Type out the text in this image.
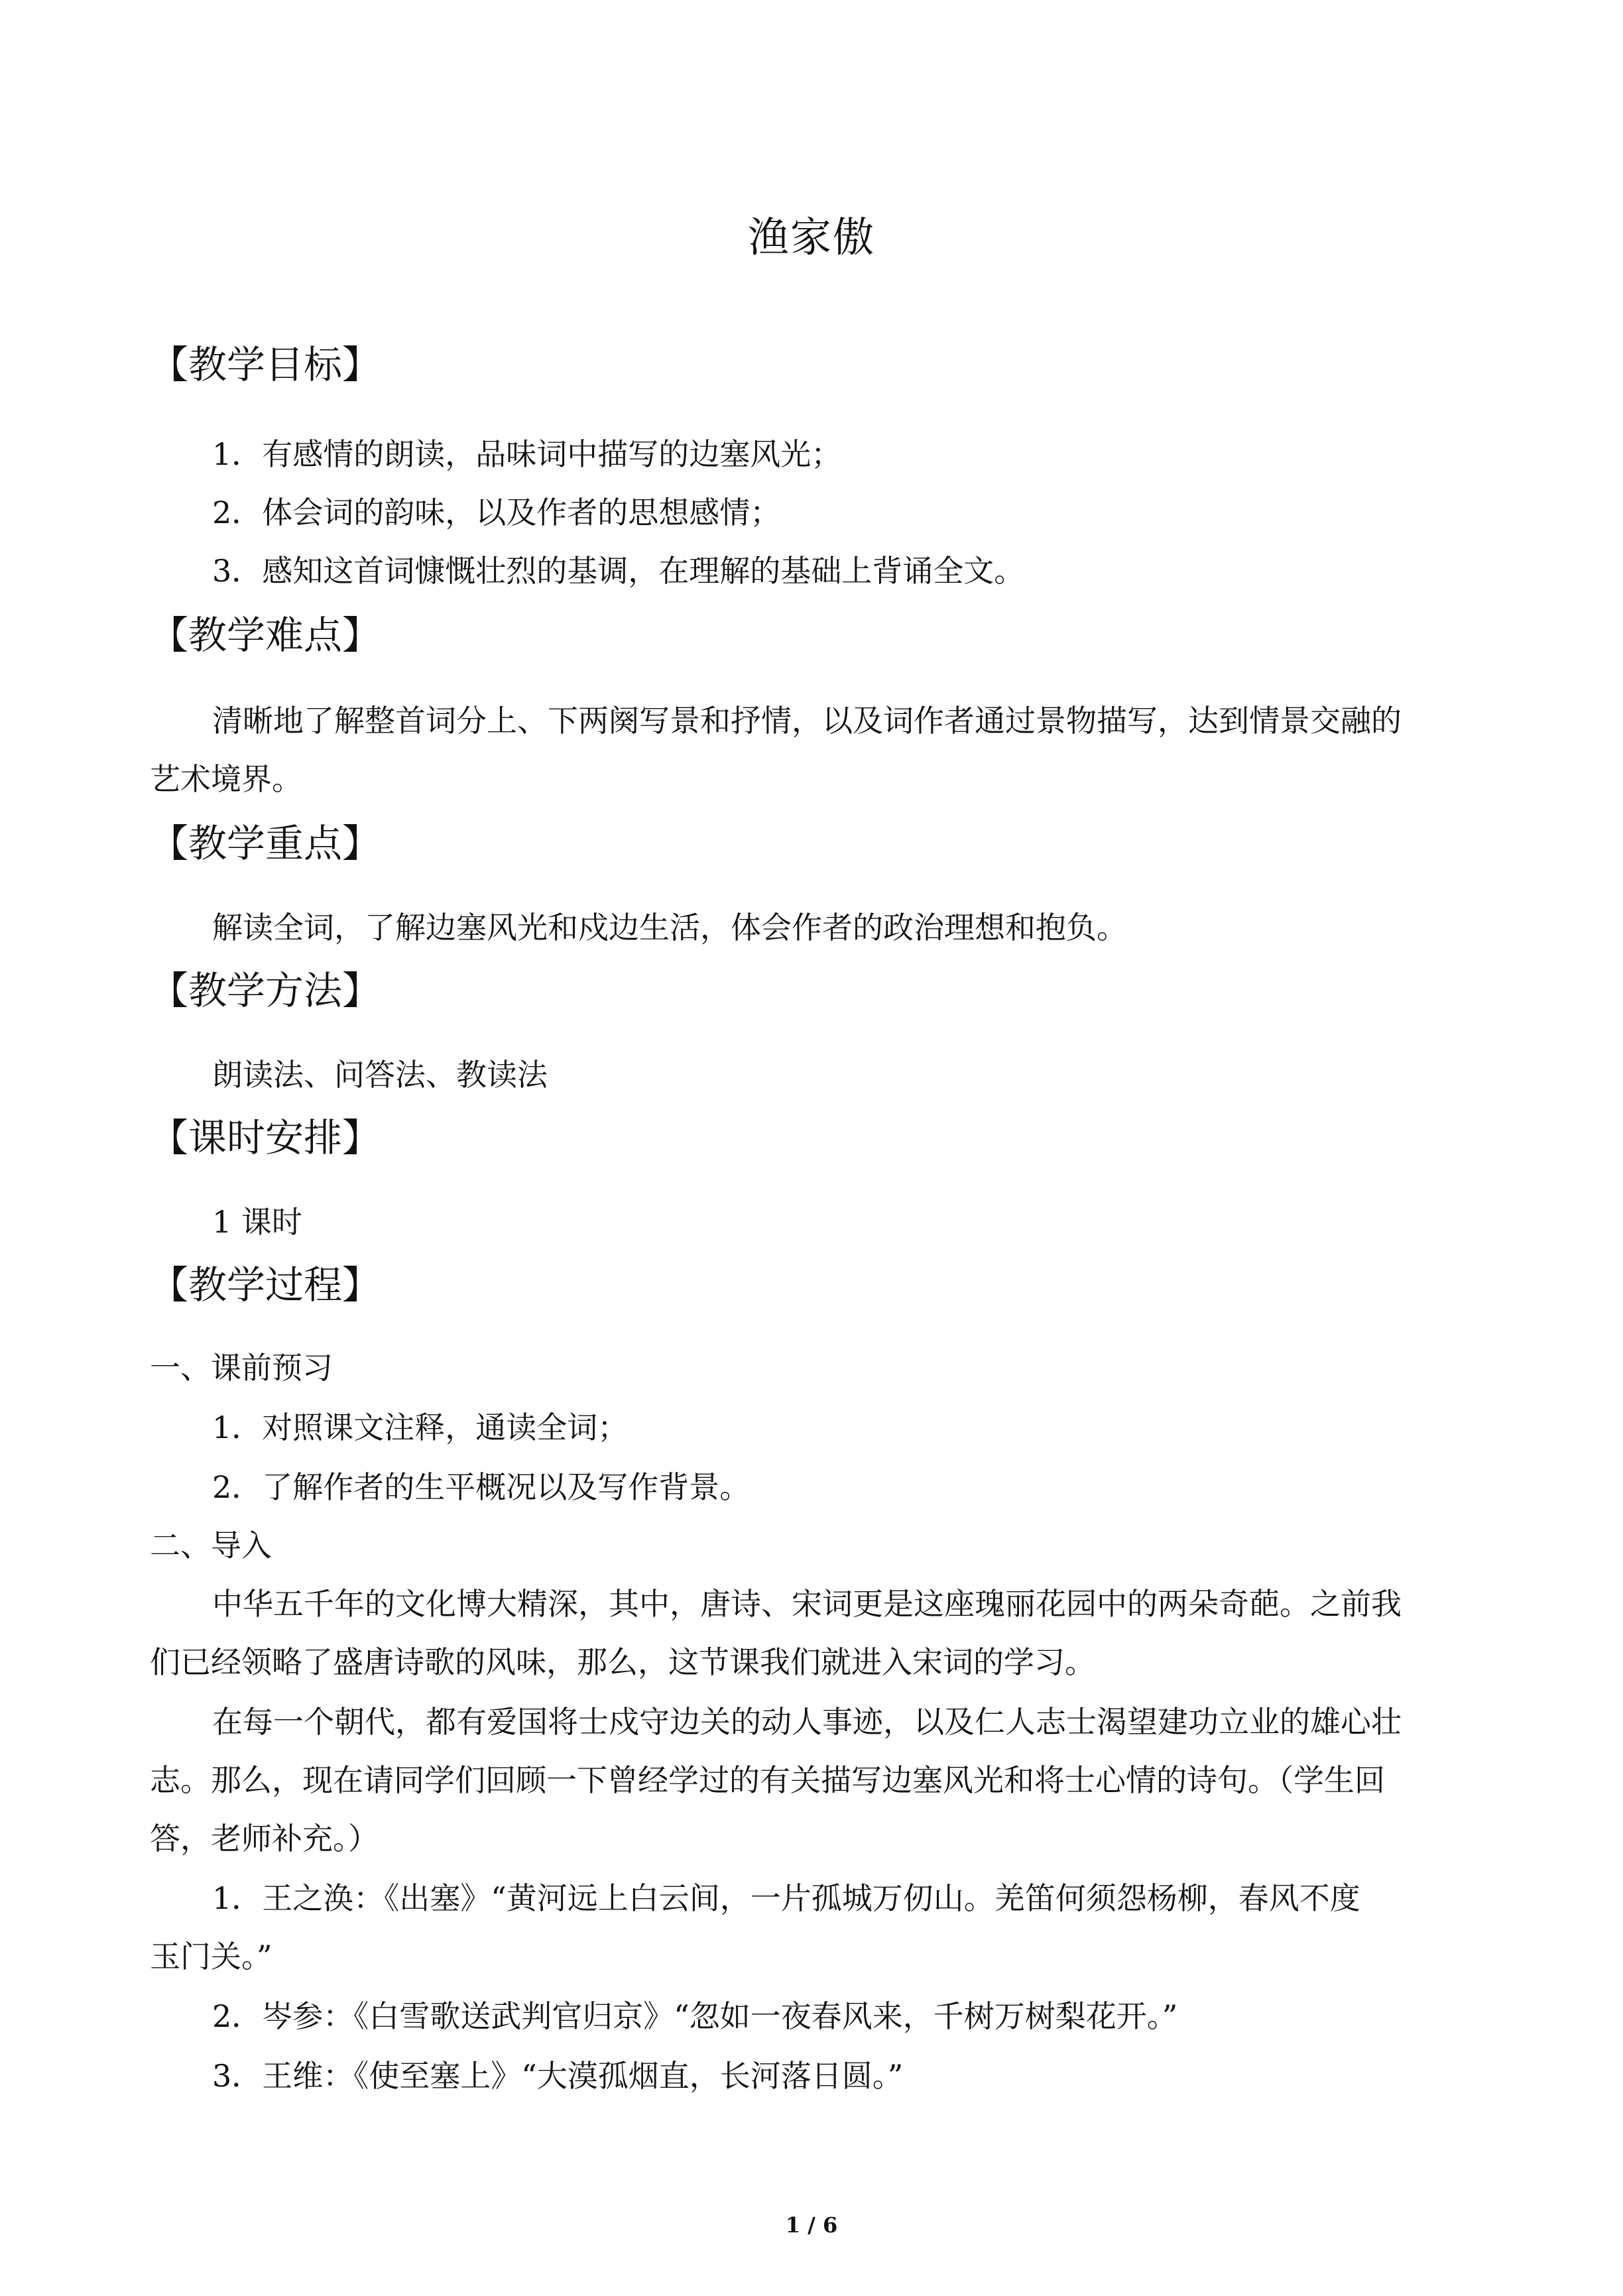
渔家傲
【教学目标】
1．有感情的朗读，品味词中描写的边塞风光；
2．体会词的韵味，以及作者的思想感情；
3．感知这首词慷慨壮烈的基调，在理解的基础上背诵全文。
【教学难点】
清晰地了解整首词分上、下两阕写景和抒情，以及词作者通过景物描写，达到情景交融的
艺术境界。
【教学重点】
解读全词，了解边塞风光和戍边生活，体会作者的政治理想和抱负。
【教学方法】
朗读法、问答法、教读法
【课时安排】
1 课时
【教学过程】
一、课前预习
1．对照课文注释，通读全词；
2．了解作者的生平概况以及写作背景。
二、导入
中华五千年的文化博大精深，其中，唐诗、宋词更是这座瑰丽花园中的两朵奇葩。之前我
们已经领略了盛唐诗歌的风味，那么，这节课我们就进入宋词的学习。
在每一个朝代，都有爱国将士戍守边关的动人事迹，以及仁人志士渴望建功立业的雄心壮
志。那么，现在请同学们回顾一下曾经学过的有关描写边塞风光和将士心情的诗句。（学生回
答，老师补充。）
1．王之涣：《出塞》“黄河远上白云间，一片孤城万仞山。羌笛何须怨杨柳，春风不度
玉门关。”
2．岑参：《白雪歌送武判官归京》“忽如一夜春风来，千树万树梨花开。”
3．王维：《使至塞上》“大漠孤烟直，长河落日圆。”
1 / 6
